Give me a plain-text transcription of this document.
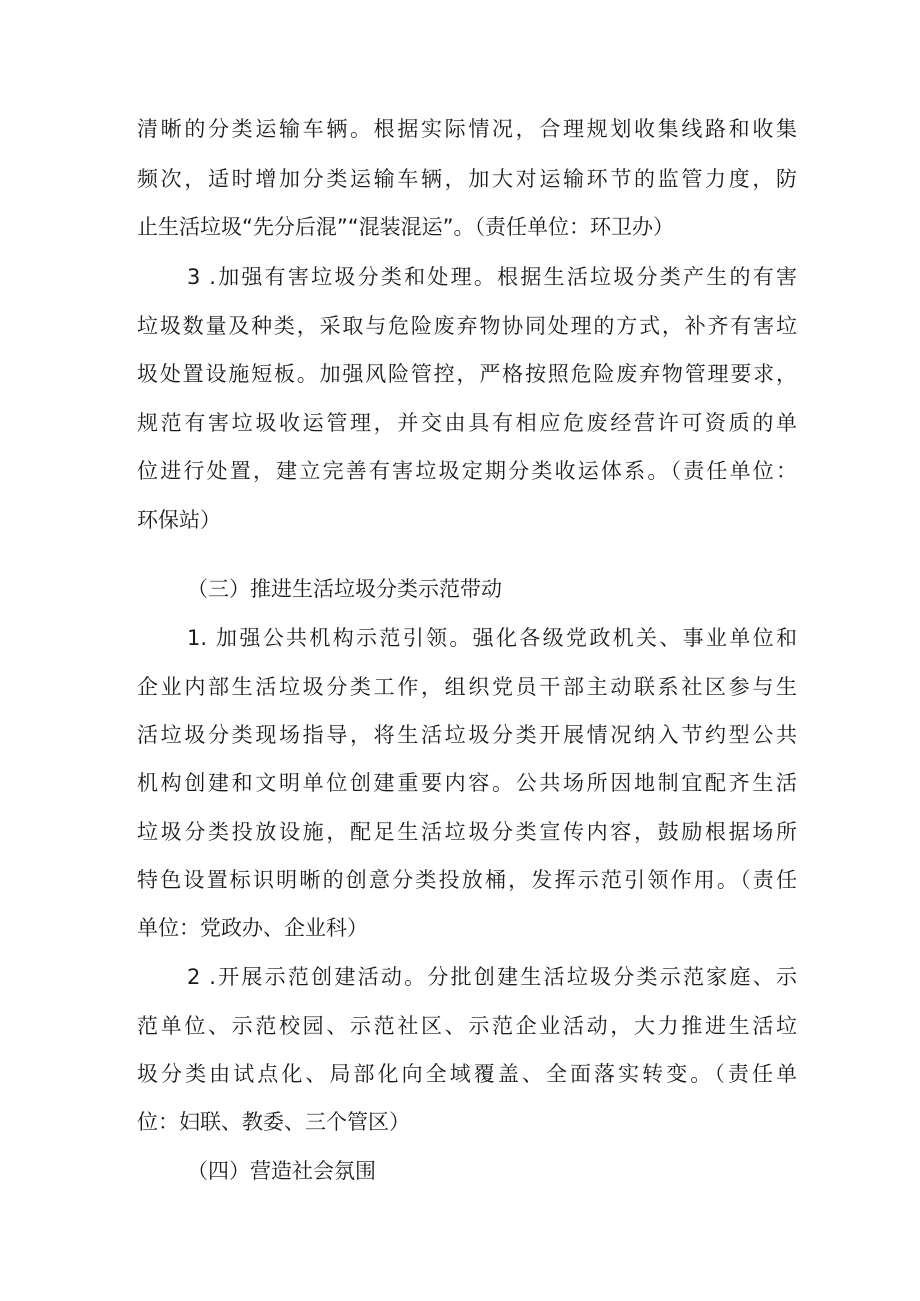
清晰的分类运输车辆。根据实际情况，合理规划收集线路和收集
频次，适时增加分类运输车辆，加大对运输环节的监管力度，防
止生活垃圾“先分后混”“混装混运”。（责任单位：环卫办）
3 .加强有害垃圾分类和处理。根据生活垃圾分类产生的有害
垃圾数量及种类，采取与危险废弃物协同处理的方式，补齐有害垃
圾处置设施短板。加强风险管控，严格按照危险废弃物管理要求，
规范有害垃圾收运管理，并交由具有相应危废经营许可资质的单
位进行处置，建立完善有害垃圾定期分类收运体系。（责任单位：
环保站）
（三）推进生活垃圾分类示范带动
1. 加强公共机构示范引领。强化各级党政机关、事业单位和
企业内部生活垃圾分类工作，组织党员干部主动联系社区参与生
活垃圾分类现场指导，将生活垃圾分类开展情况纳入节约型公共
机构创建和文明单位创建重要内容。公共场所因地制宜配齐生活
垃圾分类投放设施，配足生活垃圾分类宣传内容，鼓励根据场所
特色设置标识明晰的创意分类投放桶，发挥示范引领作用。（责任
单位：党政办、企业科）
2 .开展示范创建活动。分批创建生活垃圾分类示范家庭、示
范单位、示范校园、示范社区、示范企业活动，大力推进生活垃
圾分类由试点化、局部化向全域覆盖、全面落实转变。（责任单
位：妇联、教委、三个管区）
（四）营造社会氛围
